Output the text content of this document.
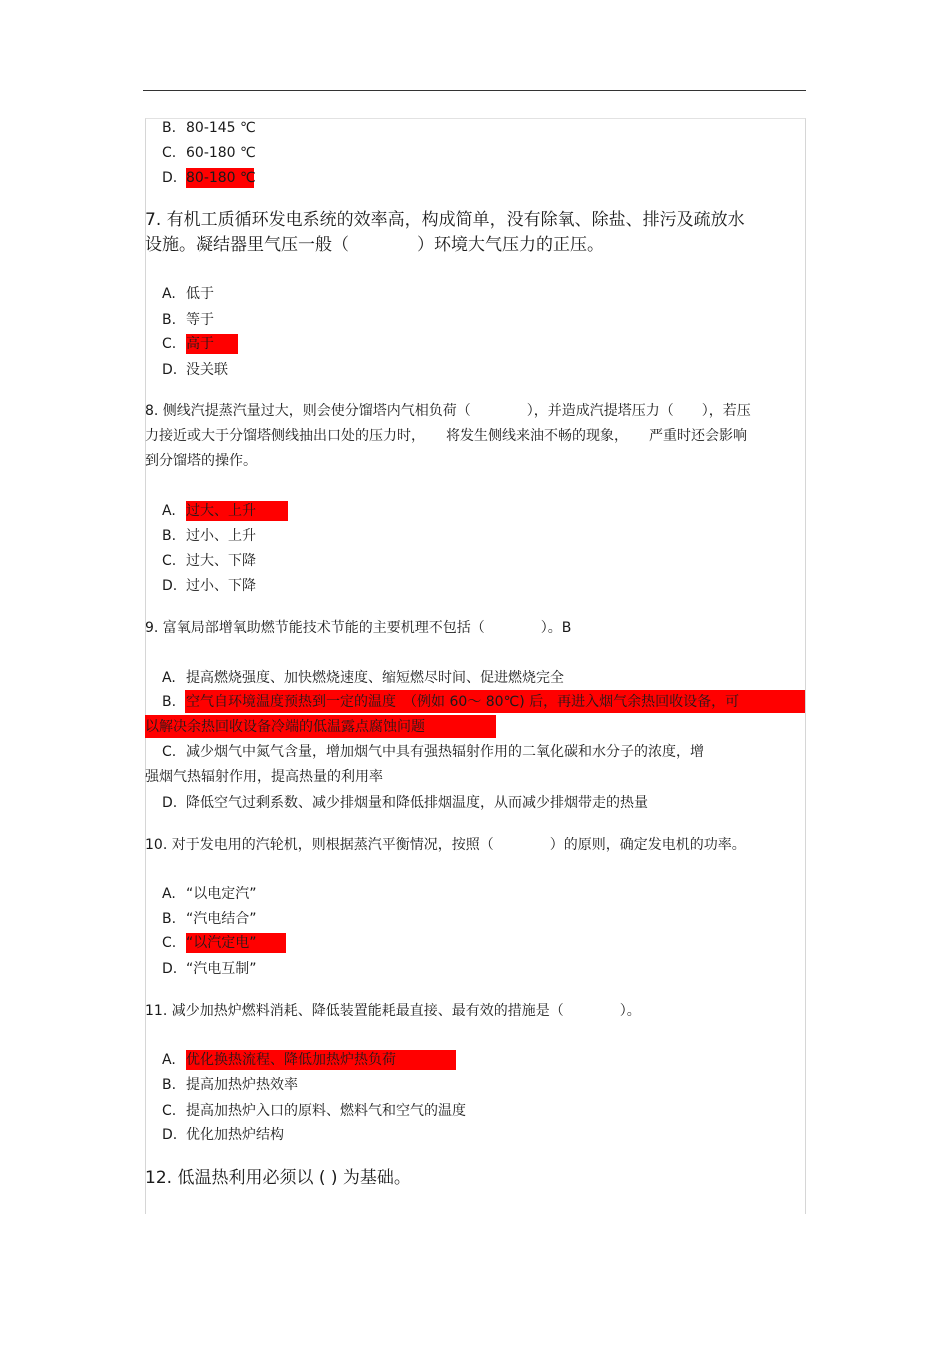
B. 80-145 ℃
C. 60-180 ℃
D. 80-180 ℃
7. 有机工质循环发电系统的效率高，构成简单，没有除氧、除盐、排污及疏放水
设施。凝结器里气压一般（　　　　）环境大气压力的正压。
A. 低于
B. 等于
C. 高于
D. 没关联
8. 侧线汽提蒸汽量过大，则会使分馏塔内气相负荷（　　　　），并造成汽提塔压力（　　），若压
力接近或大于分馏塔侧线抽出口处的压力时，　　将发生侧线来油不畅的现象，　　严重时还会影响
到分馏塔的操作。
A. 过大、上升
B. 过小、上升
C. 过大、下降
D. 过小、下降
9. 富氧局部增氧助燃节能技术节能的主要机理不包括（　　　　）。B
A. 提高燃烧强度、加快燃烧速度、缩短燃尽时间、促进燃烧完全
B. 空气自环境温度预热到一定的温度　（例如 60～ 80℃) 后，再进入烟气余热回收设备，可
以解决余热回收设备冷端的低温露点腐蚀问题
C. 减少烟气中氮气含量，增加烟气中具有强热辐射作用的二氧化碳和水分子的浓度，增
强烟气热辐射作用，提高热量的利用率
D. 降低空气过剩系数、减少排烟量和降低排烟温度，从而减少排烟带走的热量
10. 对于发电用的汽轮机，则根据蒸汽平衡情况，按照（　　　　）的原则，确定发电机的功率。
A. “以电定汽”
B. “汽电结合”
C. “以汽定电”
D. “汽电互制”
11. 减少加热炉燃料消耗、降低装置能耗最直接、最有效的措施是（　　　　）。
A. 优化换热流程、降低加热炉热负荷
B. 提高加热炉热效率
C. 提高加热炉入口的原料、燃料气和空气的温度
D. 优化加热炉结构
12. 低温热利用必须以 ( ) 为基础。
